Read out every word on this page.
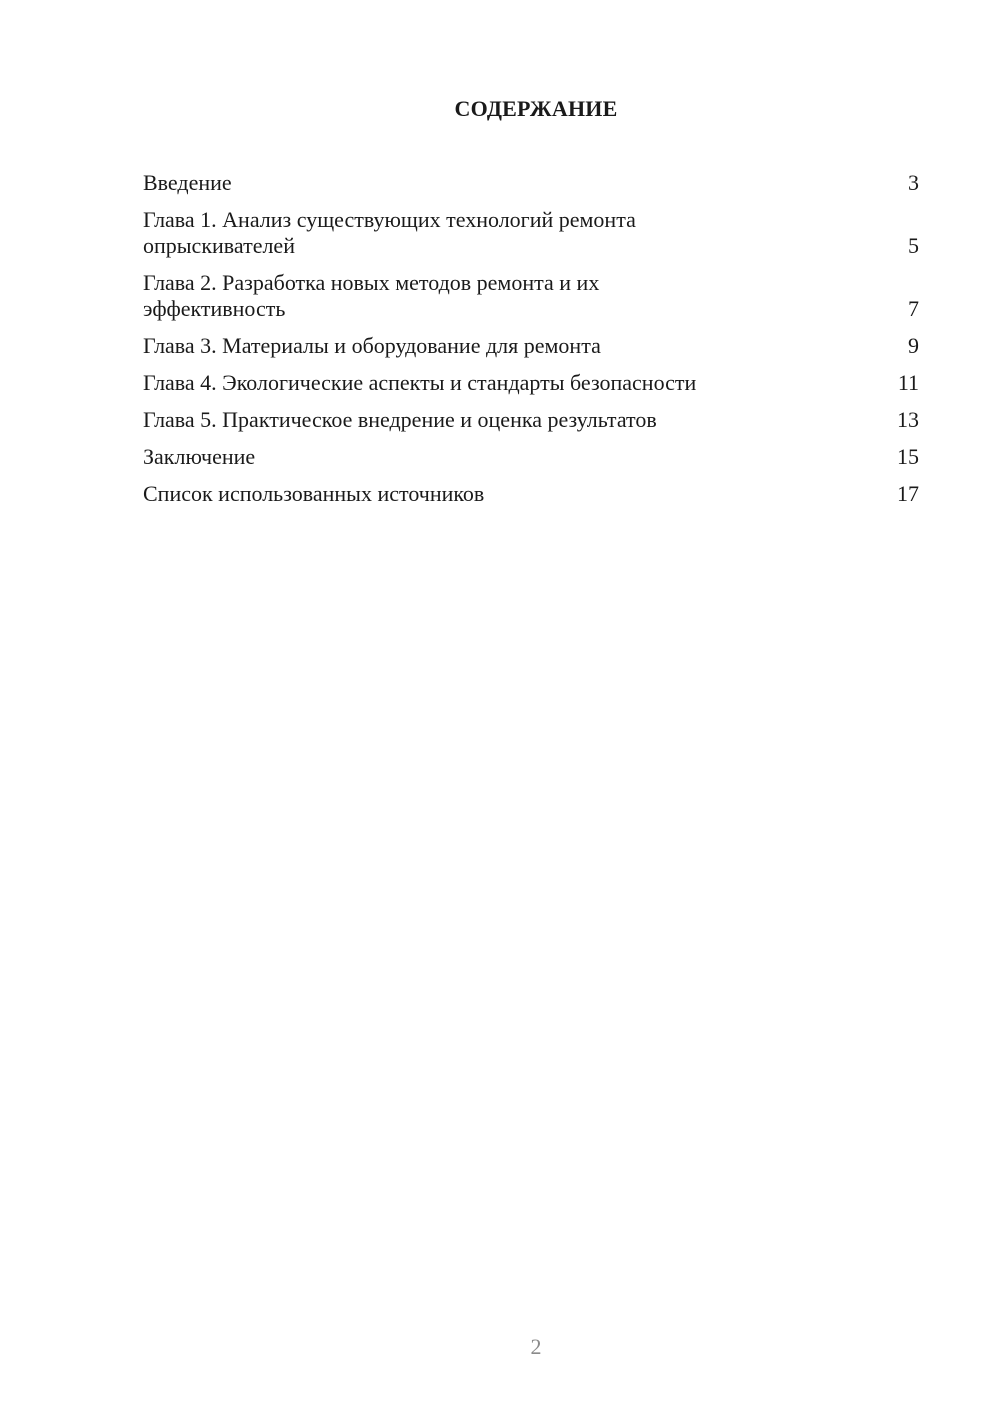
СОДЕРЖАНИЕ
Введение	3
Глава 1. Анализ существующих технологий ремонта опрыскивателей	5
Глава 2. Разработка новых методов ремонта и их эффективность	7
Глава 3. Материалы и оборудование для ремонта	9
Глава 4. Экологические аспекты и стандарты безопасности	11
Глава 5. Практическое внедрение и оценка результатов	13
Заключение	15
Список использованных источников	17
2
